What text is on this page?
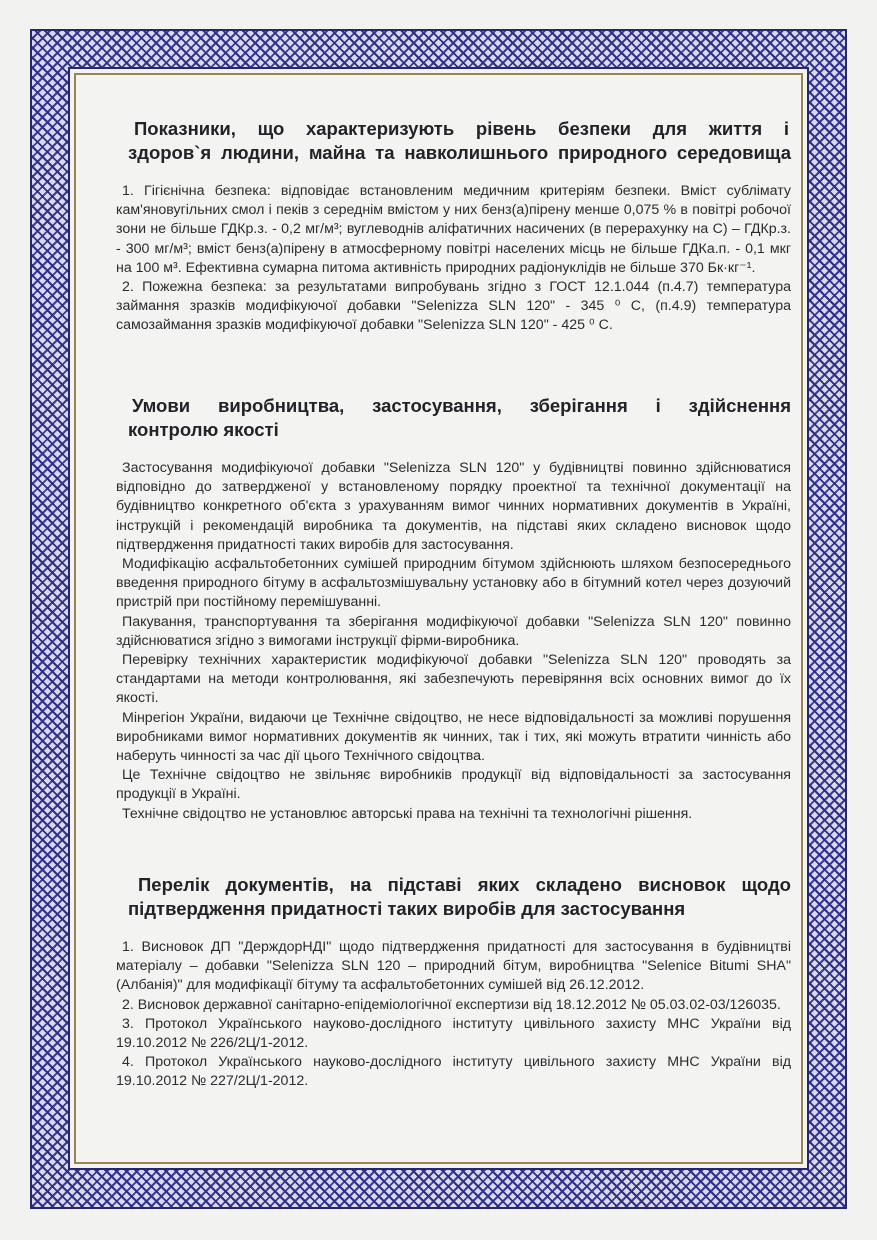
Показники, що характеризують рівень безпеки для життя і
здоров`я людини, майна та навколишнього природного середовища

1. Гігієнічна безпека: відповідає встановленим медичним критеріям безпеки. Вміст сублімату кам'яновугільних смол і пеків з середнім вмістом у них бенз(а)пірену менше 0,075 % в повітрі робочої зони не більше ГДКр.з. - 0,2 мг/м³; вуглеводнів аліфатичних насичених (в перерахунку на С) – ГДКр.з. - 300 мг/м³; вміст бенз(а)пірену в атмосферному повітрі населених місць не більше ГДКа.п. - 0,1 мкг на 100 м³. Ефективна сумарна питома активність природних радіонуклідів не більше 370 Бк·кг⁻¹.

2. Пожежна безпека: за результатами випробувань згідно з ГОСТ 12.1.044 (п.4.7) температура займання зразків модифікуючої добавки "Selenizza SLN 120" - 345 ⁰ С, (п.4.9) температура самозаймання зразків модифікуючої добавки "Selenizza SLN 120" - 425 ⁰ С.

Умови виробництва, застосування, зберігання і здійснення
контролю якості

Застосування модифікуючої добавки "Selenizza SLN 120" у будівництві повинно здійснюватися відповідно до затвердженої у встановленому порядку проектної та технічної документації на будівництво конкретного об'єкта з урахуванням вимог чинних нормативних документів в Україні, інструкцій і рекомендацій виробника та документів, на підставі яких складено висновок щодо підтвердження придатності таких виробів для застосування.

Модифікацію асфальтобетонних сумішей природним бітумом здійснюють шляхом безпосереднього введення природного бітуму в асфальтозмішувальну установку або в бітумний котел через дозуючий пристрій при постійному перемішуванні.

Пакування, транспортування та зберігання модифікуючої добавки "Selenizza SLN 120" повинно здійснюватися згідно з вимогами інструкції фірми-виробника.

Перевірку технічних характеристик модифікуючої добавки "Selenizza SLN 120" проводять за стандартами на методи контролювання, які забезпечують перевіряння всіх основних вимог до їх якості.

Мінрегіон України, видаючи це Технічне свідоцтво, не несе відповідальності за можливі порушення виробниками вимог нормативних документів як чинних, так і тих, які можуть втратити чинність або наберуть чинності за час дії цього Технічного свідоцтва.

Це Технічне свідоцтво не звільняє виробників продукції від відповідальності за застосування продукції в Україні.

Технічне свідоцтво не установлює авторські права на технічні та технологічні рішення.

Перелік документів, на підставі яких складено висновок щодо
підтвердження придатності таких виробів для застосування

1. Висновок ДП "ДерждорНДІ" щодо підтвердження придатності для застосування в будівництві матеріалу – добавки "Selenizza SLN 120 – природний бітум, виробництва "Selenice Bitumi SHA" (Албанія)" для модифікації бітуму та асфальтобетонних сумішей від 26.12.2012.

2. Висновок державної санітарно-епідеміологічної експертизи від 18.12.2012 № 05.03.02-03/126035.

3. Протокол Українського науково-дослідного інституту цивільного захисту МНС України від 19.10.2012 № 226/2Ц/1-2012.

4. Протокол Українського науково-дослідного інституту цивільного захисту МНС України від 19.10.2012 № 227/2Ц/1-2012.
